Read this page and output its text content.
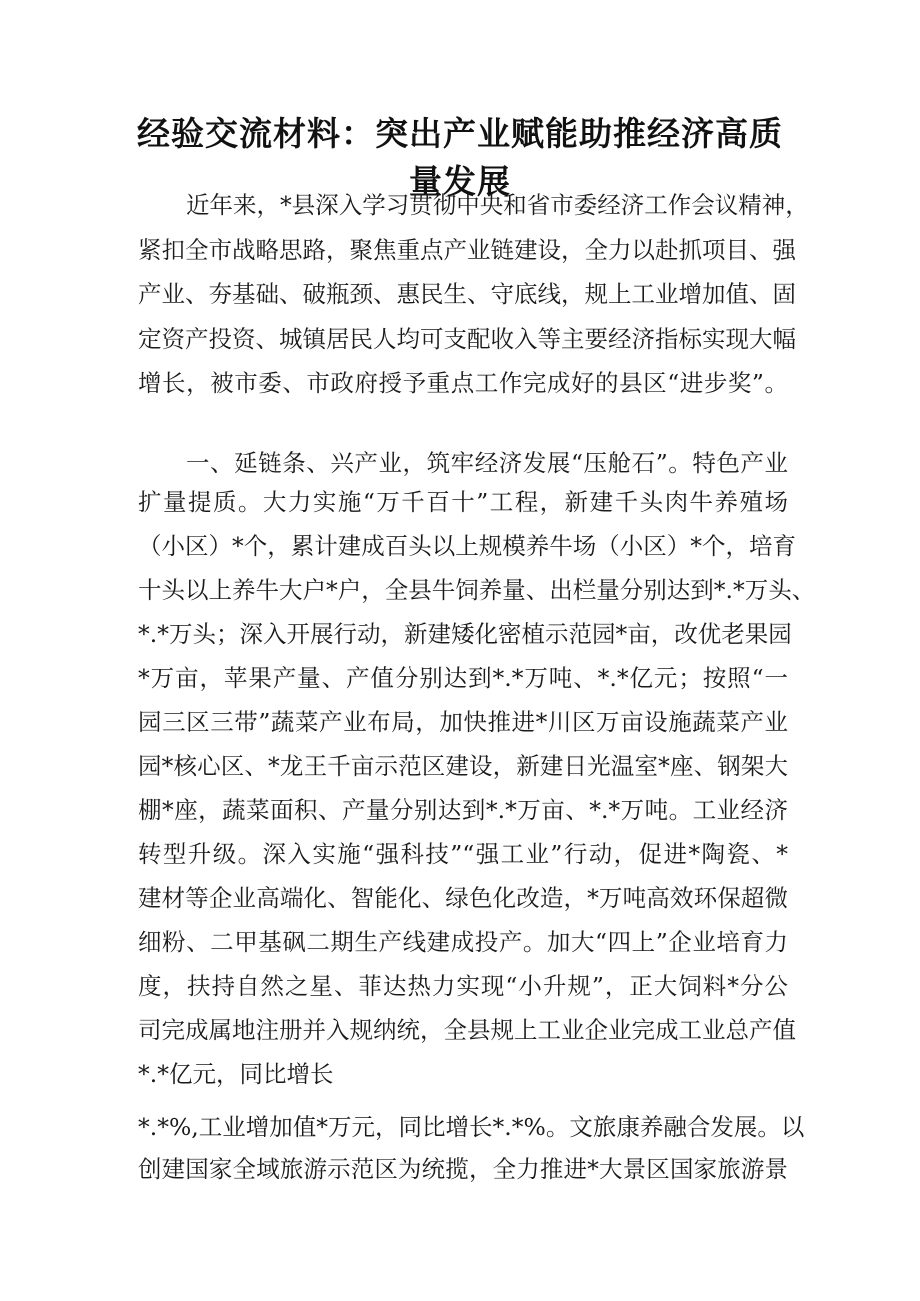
经验交流材料：突出产业赋能助推经济高质
量发展
近年来，*县深入学习贯彻中央和省市委经济工作会议精神，
紧扣全市战略思路，聚焦重点产业链建设，全力以赴抓项目、强
产业、夯基础、破瓶颈、惠民生、守底线，规上工业增加值、固
定资产投资、城镇居民人均可支配收入等主要经济指标实现大幅
增长，被市委、市政府授予重点工作完成好的县区“进步奖”。
一、延链条、兴产业，筑牢经济发展“压舱石”。特色产业
扩量提质。大力实施“万千百十”工程，新建千头肉牛养殖场
（小区）*个，累计建成百头以上规模养牛场（小区）*个，培育
十头以上养牛大户*户，全县牛饲养量、出栏量分别达到*.*万头、
*.*万头；深入开展行动，新建矮化密植示范园*亩，改优老果园
*万亩，苹果产量、产值分别达到*.*万吨、*.*亿元；按照“一
园三区三带”蔬菜产业布局，加快推进*川区万亩设施蔬菜产业
园*核心区、*龙王千亩示范区建设，新建日光温室*座、钢架大
棚*座，蔬菜面积、产量分别达到*.*万亩、*.*万吨。工业经济
转型升级。深入实施“强科技”“强工业”行动，促进*陶瓷、*
建材等企业高端化、智能化、绿色化改造，*万吨高效环保超微
细粉、二甲基砜二期生产线建成投产。加大“四上”企业培育力
度，扶持自然之星、菲达热力实现“小升规”，正大饲料*分公
司完成属地注册并入规纳统，全县规上工业企业完成工业总产值
*.*亿元，同比增长
*.*%,工业增加值*万元，同比增长*.*%。文旅康养融合发展。以
创建国家全域旅游示范区为统揽，全力推进*大景区国家旅游景
